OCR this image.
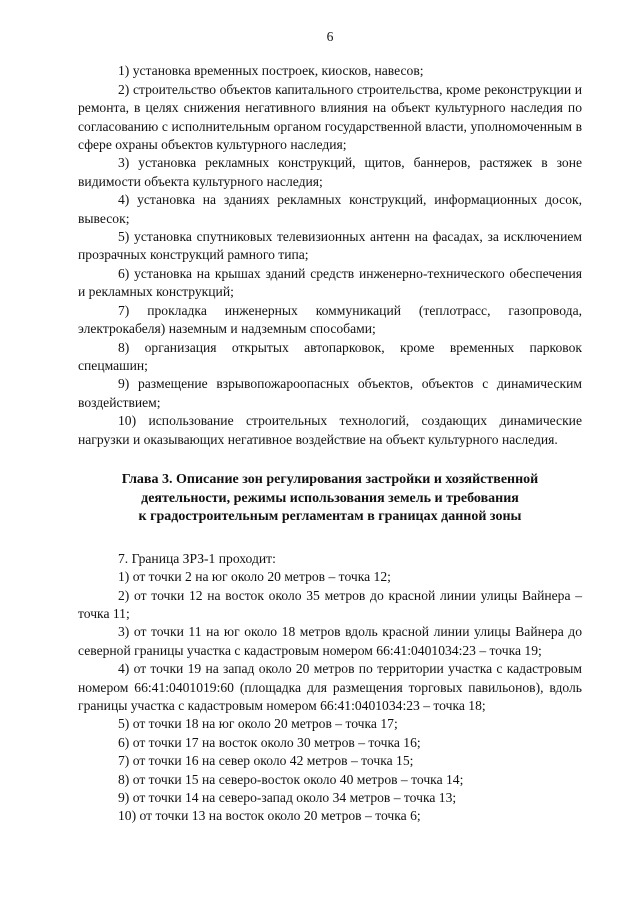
6

1) установка временных построек, киосков, навесов;

2) строительство объектов капитального строительства, кроме реконструкции и ремонта, в целях снижения негативного влияния на объект культурного наследия по согласованию с исполнительным органом государственной власти, уполномоченным в сфере охраны объектов культурного наследия;

3) установка рекламных конструкций, щитов, баннеров, растяжек в зоне видимости объекта культурного наследия;

4) установка на зданиях рекламных конструкций, информационных досок, вывесок;

5) установка спутниковых телевизионных антенн на фасадах, за исключением прозрачных конструкций рамного типа;

6) установка на крышах зданий средств инженерно-технического обеспечения и рекламных конструкций;

7) прокладка инженерных коммуникаций (теплотрасс, газопровода, электрокабеля) наземным и надземным способами;

8) организация открытых автопарковок, кроме временных парковок спецмашин;

9) размещение взрывопожароопасных объектов, объектов с динамическим воздействием;

10) использование строительных технологий, создающих динамические нагрузки и оказывающих негативное воздействие на объект культурного наследия.

Глава 3. Описание зон регулирования застройки и хозяйственной
деятельности, режимы использования земель и требования
к градостроительным регламентам в границах данной зоны

7. Граница ЗРЗ-1 проходит:

1) от точки 2 на юг около 20 метров – точка 12;

2) от точки 12 на восток около 35 метров до красной линии улицы Вайнера – точка 11;

3) от точки 11 на юг около 18 метров вдоль красной линии улицы Вайнера до северной границы участка с кадастровым номером 66:41:0401034:23 – точка 19;

4) от точки 19 на запад около 20 метров по территории участка с кадастровым номером 66:41:0401019:60 (площадка для размещения торговых павильонов), вдоль границы участка с кадастровым номером 66:41:0401034:23 – точка 18;

5) от точки 18 на юг около 20 метров – точка 17;

6) от точки 17 на восток около 30 метров – точка 16;

7) от точки 16 на север около 42 метров – точка 15;

8) от точки 15 на северо-восток около 40 метров – точка 14;

9) от точки 14 на северо-запад около 34 метров – точка 13;

10) от точки 13 на восток около 20 метров – точка 6;
